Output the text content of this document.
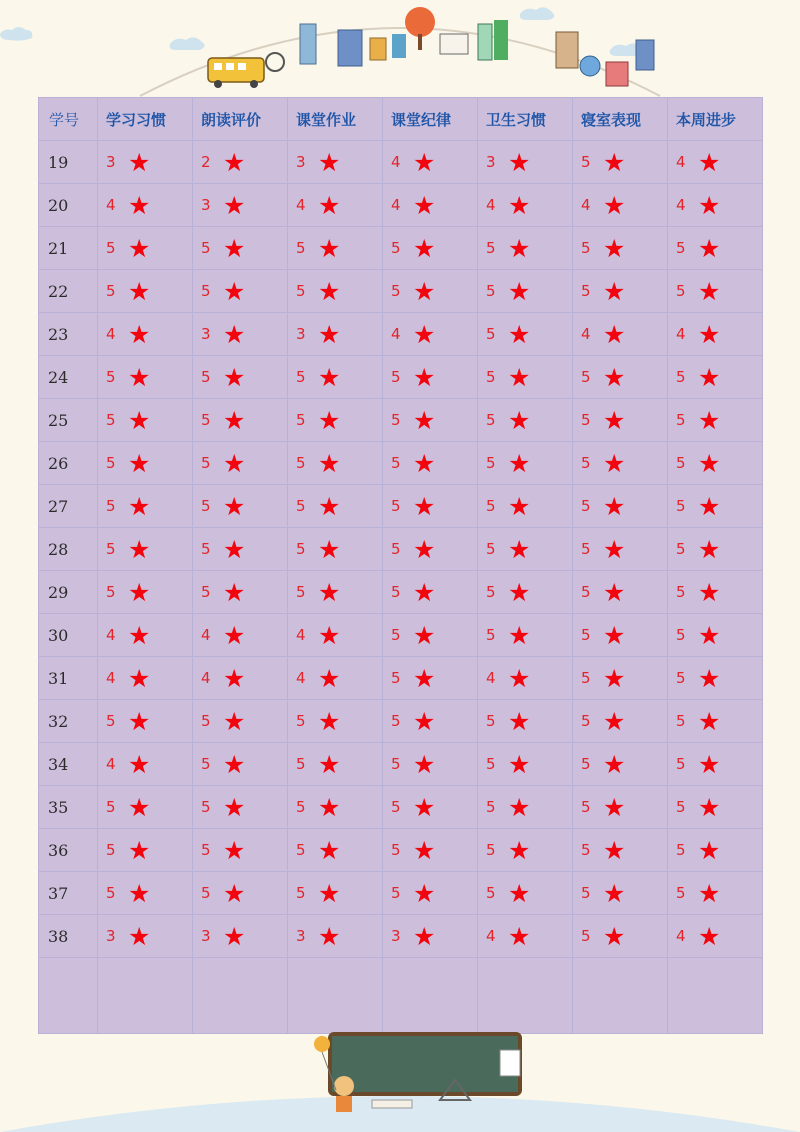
学号	学习习惯	朗读评价	课堂作业	课堂纪律	卫生习惯	寝室表现	本周进步
19	3 ★	2 ★	3 ★	4 ★	3 ★	5 ★	4 ★
20	4 ★	3 ★	4 ★	4 ★	4 ★	4 ★	4 ★
21	5 ★	5 ★	5 ★	5 ★	5 ★	5 ★	5 ★
22	5 ★	5 ★	5 ★	5 ★	5 ★	5 ★	5 ★
23	4 ★	3 ★	3 ★	4 ★	5 ★	4 ★	4 ★
24	5 ★	5 ★	5 ★	5 ★	5 ★	5 ★	5 ★
25	5 ★	5 ★	5 ★	5 ★	5 ★	5 ★	5 ★
26	5 ★	5 ★	5 ★	5 ★	5 ★	5 ★	5 ★
27	5 ★	5 ★	5 ★	5 ★	5 ★	5 ★	5 ★
28	5 ★	5 ★	5 ★	5 ★	5 ★	5 ★	5 ★
29	5 ★	5 ★	5 ★	5 ★	5 ★	5 ★	5 ★
30	4 ★	4 ★	4 ★	5 ★	5 ★	5 ★	5 ★
31	4 ★	4 ★	4 ★	5 ★	4 ★	5 ★	5 ★
32	5 ★	5 ★	5 ★	5 ★	5 ★	5 ★	5 ★
34	4 ★	5 ★	5 ★	5 ★	5 ★	5 ★	5 ★
35	5 ★	5 ★	5 ★	5 ★	5 ★	5 ★	5 ★
36	5 ★	5 ★	5 ★	5 ★	5 ★	5 ★	5 ★
37	5 ★	5 ★	5 ★	5 ★	5 ★	5 ★	5 ★
38	3 ★	3 ★	3 ★	3 ★	4 ★	5 ★	4 ★
